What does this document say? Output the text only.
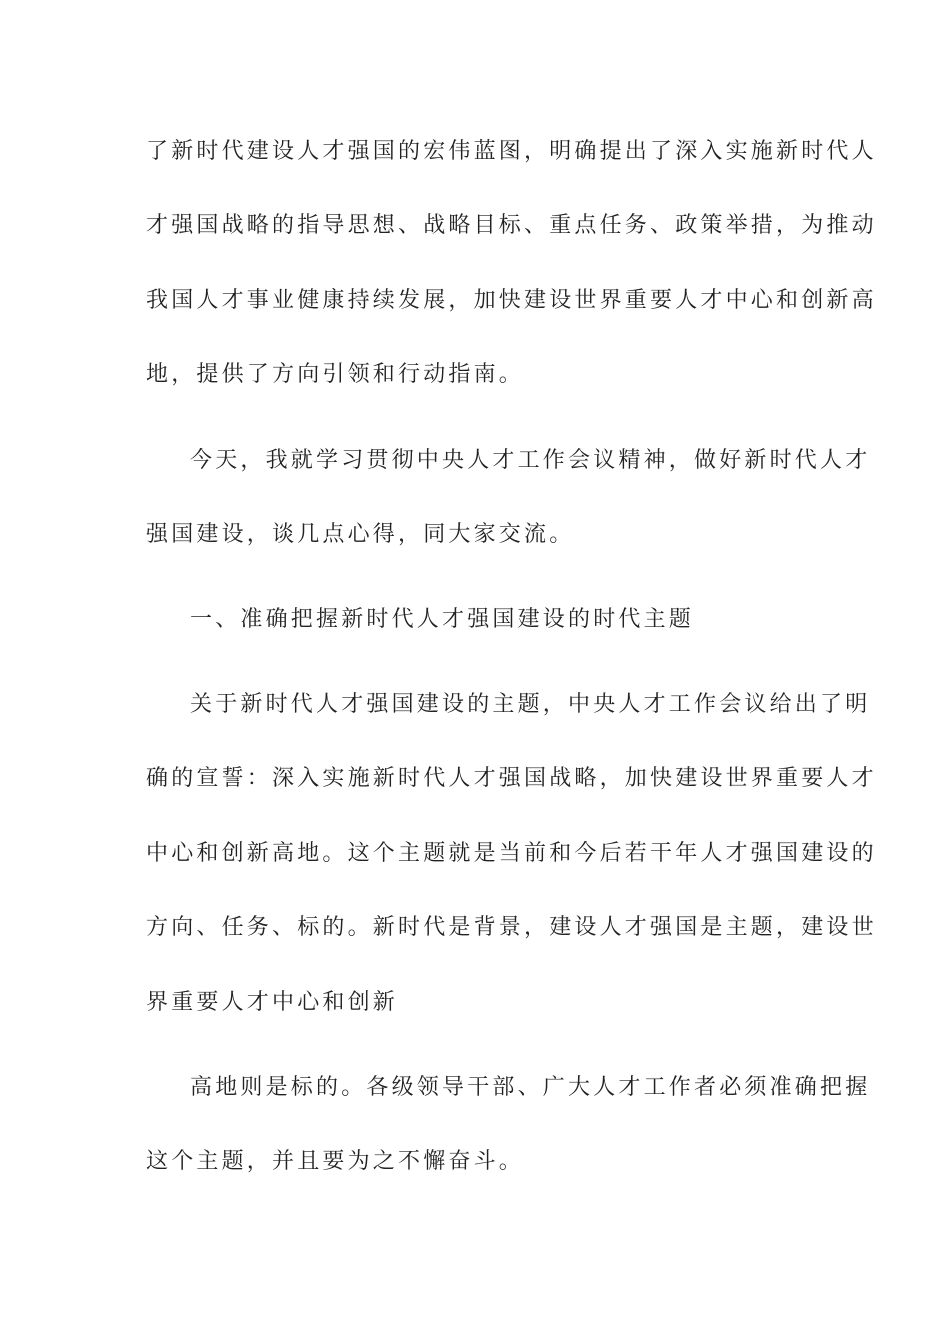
了新时代建设人才强国的宏伟蓝图，明确提出了深入实施新时代人

才强国战略的指导思想、战略目标、重点任务、政策举措，为推动

我国人才事业健康持续发展，加快建设世界重要人才中心和创新高

地，提供了方向引领和行动指南。

今天，我就学习贯彻中央人才工作会议精神，做好新时代人才

强国建设，谈几点心得，同大家交流。

一、准确把握新时代人才强国建设的时代主题

关于新时代人才强国建设的主题，中央人才工作会议给出了明

确的宣誓：深入实施新时代人才强国战略，加快建设世界重要人才

中心和创新高地。这个主题就是当前和今后若干年人才强国建设的

方向、任务、标的。新时代是背景，建设人才强国是主题，建设世

界重要人才中心和创新

高地则是标的。各级领导干部、广大人才工作者必须准确把握

这个主题，并且要为之不懈奋斗。
